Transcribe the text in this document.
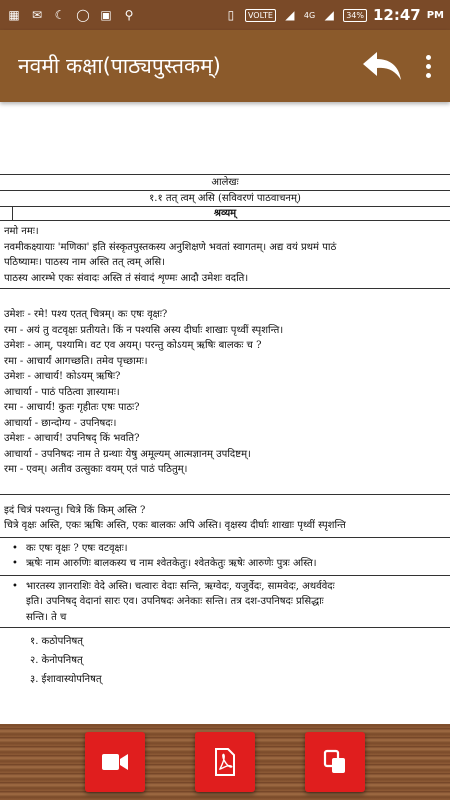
▦ ✉ ☾ ◯ ▣ ⚲	▯	VOLTE ◢	4G ◢	34% 12:47 PM
नवमी कक्षा(पाठ्यपुस्तकम्)
आलेखः
१.१ तत् त्वम् असि (सविवरणं पाठवाचनम्)
श्रव्यम्
नमो नमः।
नवमीकक्ष्यायाः 'मणिका' इति संस्कृतपुस्तकस्य अनुशिक्षणे भवतां स्वागतम्। अद्य वयं प्रथमं पाठं
पठिष्यामः। पाठस्य नाम अस्ति तत् त्वम् असि।
पाठस्य आरम्भे एकः संवादः अस्ति तं संवादं शृण्मः आदौ उमेशः वदति।
उमेशः - रमे! पश्य एतत् चित्रम्। कः एषः वृक्षः?
रमा - अयं तु वटवृक्षः प्रतीयते। किं न पश्यसि अस्य दीर्घाः शाखाः पृथ्वीं स्पृशन्ति।
उमेशः - आम्, पश्यामि। वट एव अयम्। परन्तु कोऽयम् ऋषिः बालकः च ?
रमा - आचार्यं आगच्छति। तमेव पृच्छामः।
उमेशः - आचार्य! कोऽयम् ऋषिः?
आचार्या - पाठं पठित्वा ज्ञास्यामः।
रमा - आचार्य! कुतः गृहीतः एषः पाठः?
आचार्या - छान्दोग्य - उपनिषदः।
उमेशः - आचार्य! उपनिषद् किं भवति?
आचार्या - उपनिषदः नाम ते ग्रन्थाः येषु अमूल्यम् आत्मज्ञानम् उपदिष्टम्।
रमा - एवम्। अतीव उत्सुकाः वयम् एतं पाठं पठितुम्।
इदं चित्रं पश्यन्तु। चित्रे किं किम् अस्ति ?
चित्रे वृक्षः अस्ति, एकः ऋषिः अस्ति, एकः बालकः अपि अस्ति। वृक्षस्य दीर्घाः शाखाः पृथ्वीं स्पृशन्ति
• कः एषः वृक्षः ? एषः वटवृक्षः।
• ऋषेः नाम आरुणिः बालकस्य च नाम श्वेतकेतुः। श्वेतकेतुः ऋषेः आरुणेः पुत्रः अस्ति।
• भारतस्य ज्ञानराशिः वेदे अस्ति। चत्वारः वेदाः सन्ति, ऋग्वेदः, यजुर्वेदः, सामवेदः, अथर्ववेदः
इति। उपनिषद् वेदानां सारः एव। उपनिषदः अनेकाः सन्ति। तत्र दश-उपनिषदः प्रसिद्धाः
सन्ति। ते च
१. कठोपनिषत्
२. केनोपनिषत्
३. ईशावास्योपनिषत्
